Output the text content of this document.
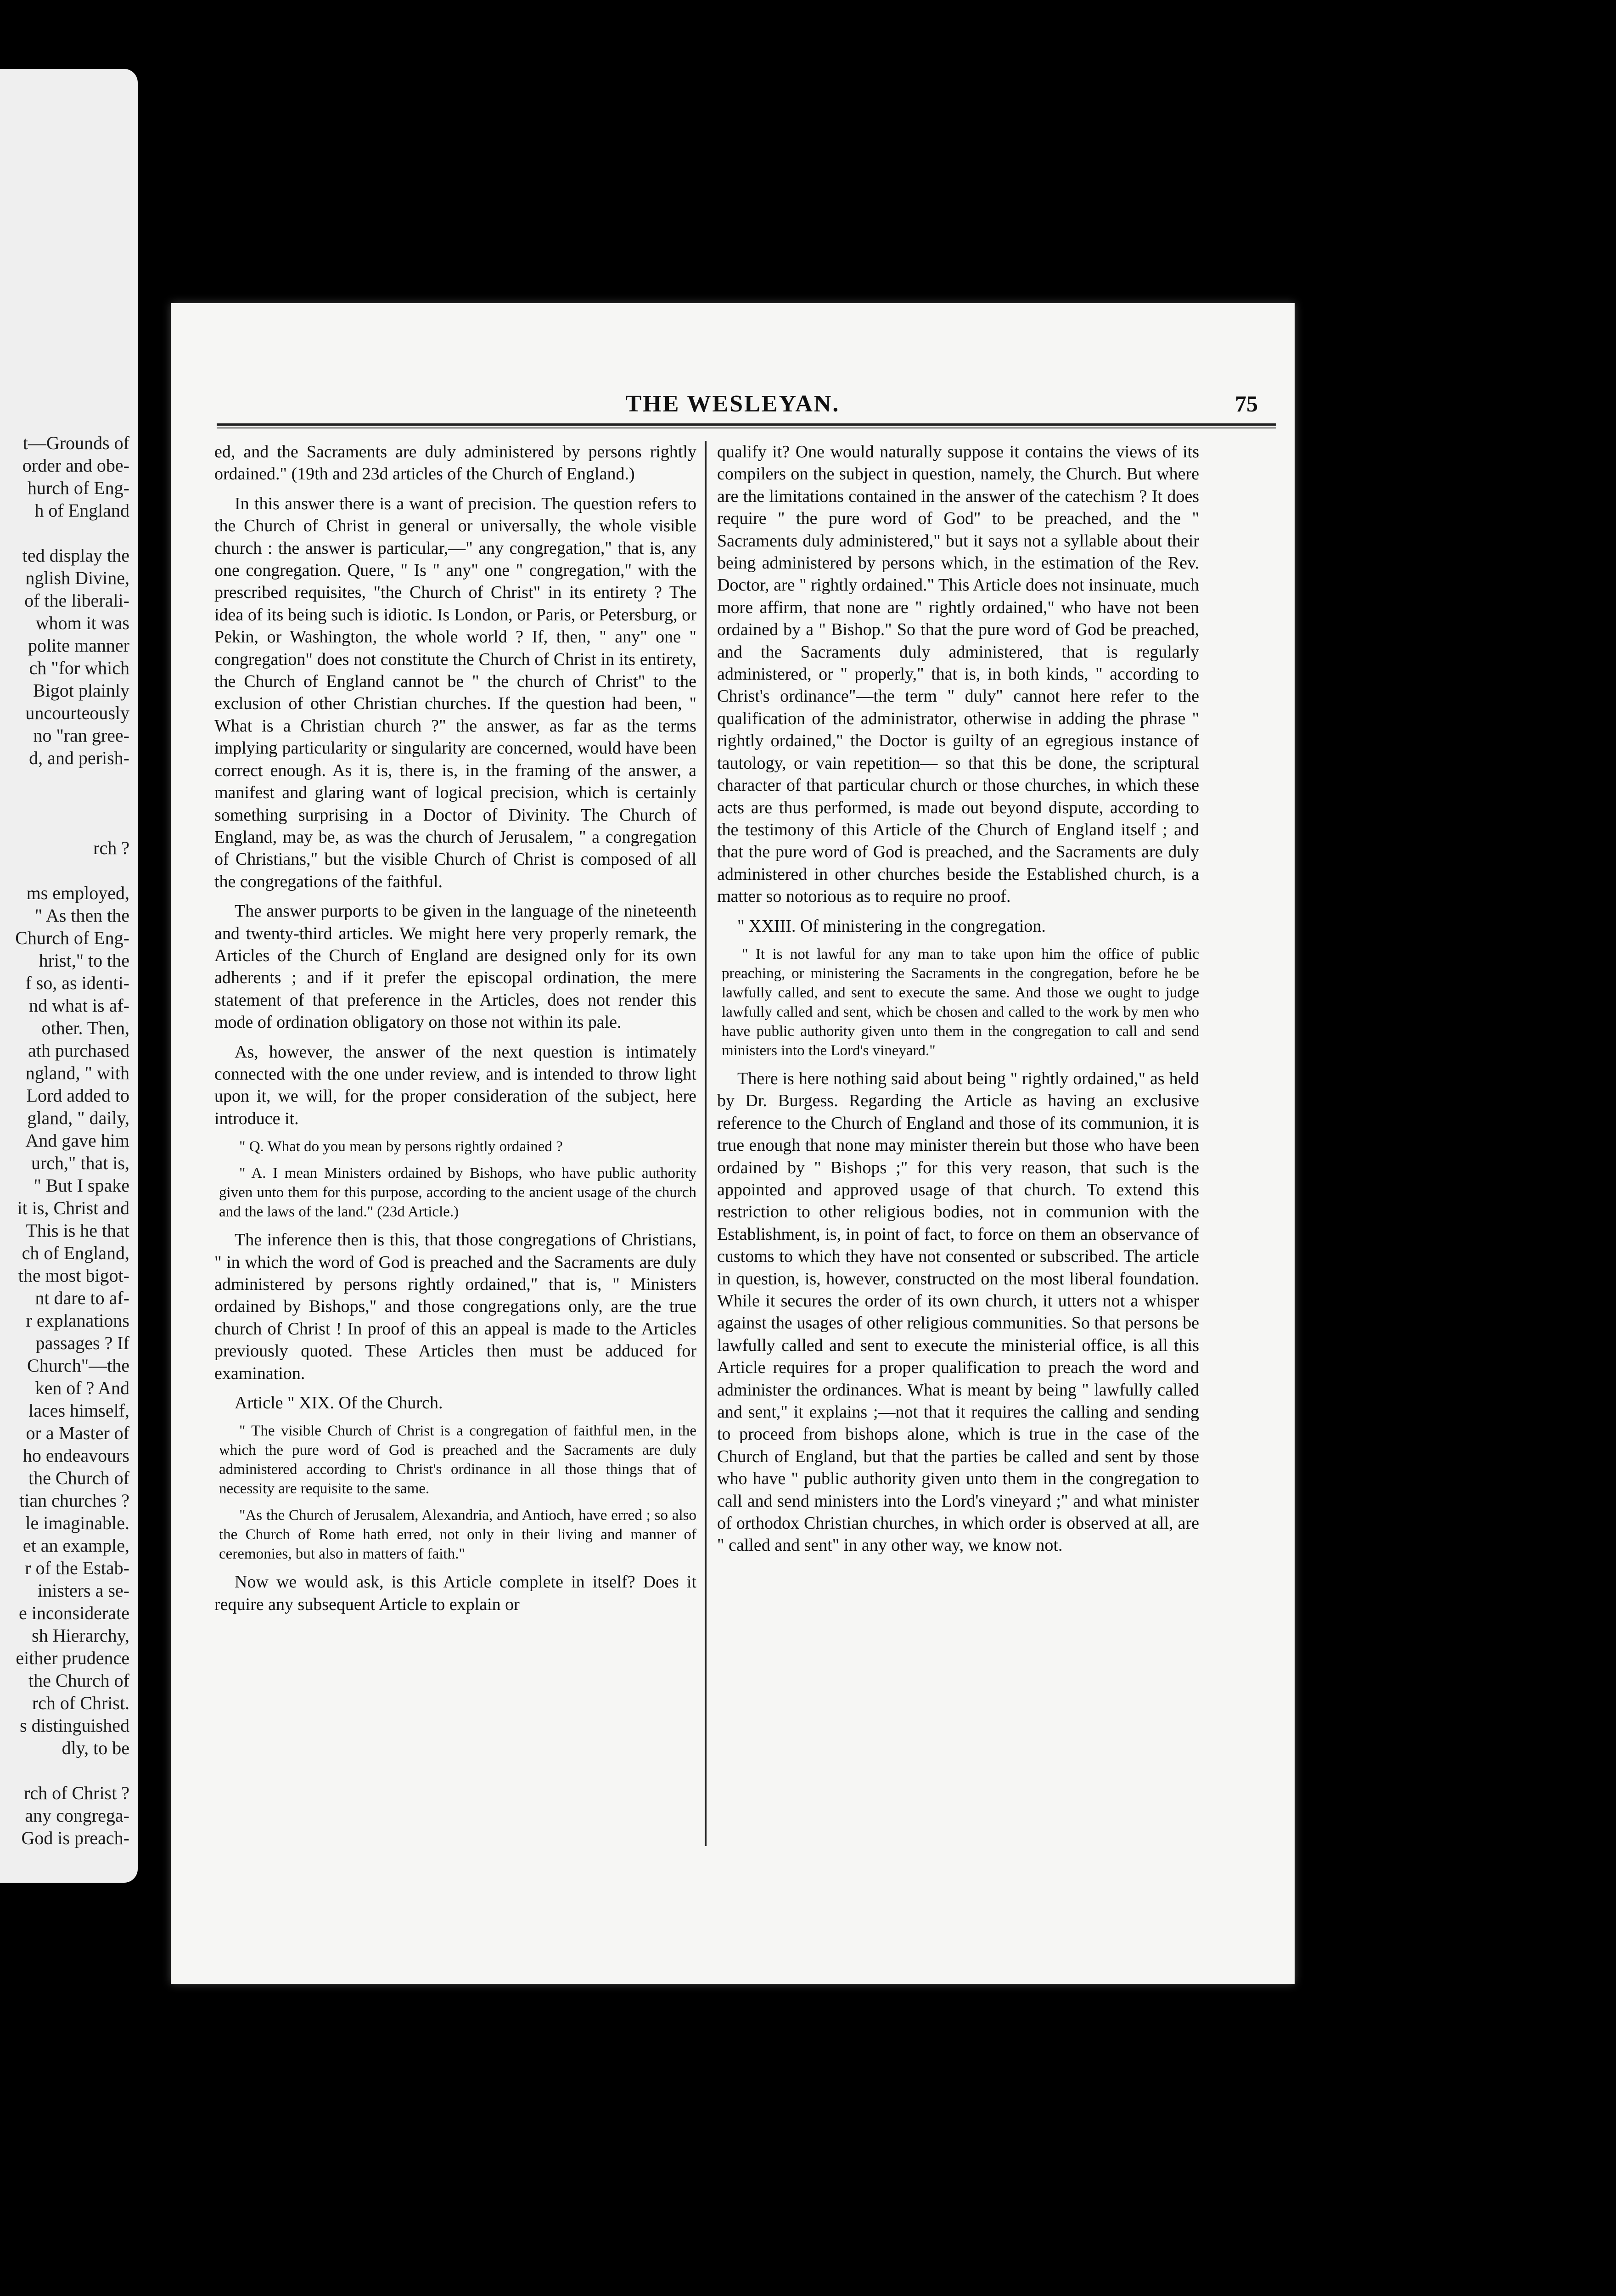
t—Grounds of
order and obe-
hurch of Eng-
h of England
ted display the
nglish Divine,
of the liberali-
whom it was
polite manner
ch "for which
Bigot plainly
uncourteously
no "ran gree-
d, and perish-
rch ?
ms employed,
" As then the
Church of Eng-
hrist," to the
f so, as identi-
nd what is af-
other. Then,
ath purchased
ngland, " with
Lord added to
gland, " daily,
And gave him
urch," that is,
" But I spake
it is, Christ and
This is he that
ch of England,
the most bigot-
nt dare to af-
r explanations
passages ? If
Church"—the
ken of ? And
laces himself,
or a Master of
ho endeavours
the Church of
tian churches ?
le imaginable.
et an example,
r of the Estab-
inisters a se-
e inconsiderate
sh Hierarchy,
either prudence
the Church of
rch of Christ.
s distinguished
dly, to be
rch of Christ ?
any congrega-
God is preach-
THE WESLEYAN.	75

ed, and the Sacraments are duly administered by persons rightly ordained." (19th and 23d articles of the Church of England.)

In this answer there is a want of precision. The question refers to the Church of Christ in general or universally, the whole visible church : the answer is particular,—" any congregation," that is, any one congregation. Quere, " Is " any" one " congregation," with the prescribed requisites, "the Church of Christ" in its entirety ? The idea of its being such is idiotic. Is London, or Paris, or Petersburg, or Pekin, or Washington, the whole world ? If, then, " any" one " congregation" does not constitute the Church of Christ in its entirety, the Church of England cannot be " the church of Christ" to the exclusion of other Christian churches. If the question had been, " What is a Christian church ?" the answer, as far as the terms implying particularity or singularity are concerned, would have been correct enough. As it is, there is, in the framing of the answer, a manifest and glaring want of logical precision, which is certainly something surprising in a Doctor of Divinity. The Church of England, may be, as was the church of Jerusalem, " a congregation of Christians," but the visible Church of Christ is composed of all the congregations of the faithful.

The answer purports to be given in the language of the nineteenth and twenty-third articles. We might here very properly remark, the Articles of the Church of England are designed only for its own adherents ; and if it prefer the episcopal ordination, the mere statement of that preference in the Articles, does not render this mode of ordination obligatory on those not within its pale.

As, however, the answer of the next question is intimately connected with the one under review, and is intended to throw light upon it, we will, for the proper consideration of the subject, here introduce it.

" Q. What do you mean by persons rightly ordained ?

" A. I mean Ministers ordained by Bishops, who have public authority given unto them for this purpose, according to the ancient usage of the church and the laws of the land." (23d Article.)

The inference then is this, that those congregations of Christians, " in which the word of God is preached and the Sacraments are duly administered by persons rightly ordained," that is, " Ministers ordained by Bishops," and those congregations only, are the true church of Christ ! In proof of this an appeal is made to the Articles previously quoted. These Articles then must be adduced for examination.

Article " XIX. Of the Church.

" The visible Church of Christ is a congregation of faithful men, in the which the pure word of God is preached and the Sacraments are duly administered according to Christ's ordinance in all those things that of necessity are requisite to the same.

"As the Church of Jerusalem, Alexandria, and Antioch, have erred ; so also the Church of Rome hath erred, not only in their living and manner of ceremonies, but also in matters of faith."

Now we would ask, is this Article complete in itself? Does it require any subsequent Article to explain or

qualify it? One would naturally suppose it contains the views of its compilers on the subject in question, namely, the Church. But where are the limitations contained in the answer of the catechism ? It does require " the pure word of God" to be preached, and the " Sacraments duly administered," but it says not a syllable about their being administered by persons which, in the estimation of the Rev. Doctor, are " rightly ordained." This Article does not insinuate, much more affirm, that none are " rightly ordained," who have not been ordained by a " Bishop." So that the pure word of God be preached, and the Sacraments duly administered, that is regularly administered, or " properly," that is, in both kinds, " according to Christ's ordinance"—the term " duly" cannot here refer to the qualification of the administrator, otherwise in adding the phrase " rightly ordained," the Doctor is guilty of an egregious instance of tautology, or vain repetition— so that this be done, the scriptural character of that particular church or those churches, in which these acts are thus performed, is made out beyond dispute, according to the testimony of this Article of the Church of England itself ; and that the pure word of God is preached, and the Sacraments are duly administered in other churches beside the Established church, is a matter so notorious as to require no proof.

" XXIII. Of ministering in the congregation.

" It is not lawful for any man to take upon him the office of public preaching, or ministering the Sacraments in the congregation, before he be lawfully called, and sent to execute the same. And those we ought to judge lawfully called and sent, which be chosen and called to the work by men who have public authority given unto them in the congregation to call and send ministers into the Lord's vineyard."

There is here nothing said about being " rightly ordained," as held by Dr. Burgess. Regarding the Article as having an exclusive reference to the Church of England and those of its communion, it is true enough that none may minister therein but those who have been ordained by " Bishops ;" for this very reason, that such is the appointed and approved usage of that church. To extend this restriction to other religious bodies, not in communion with the Establishment, is, in point of fact, to force on them an observance of customs to which they have not consented or subscribed. The article in question, is, however, constructed on the most liberal foundation. While it secures the order of its own church, it utters not a whisper against the usages of other religious communities. So that persons be lawfully called and sent to execute the ministerial office, is all this Article requires for a proper qualification to preach the word and administer the ordinances. What is meant by being " lawfully called and sent," it explains ;—not that it requires the calling and sending to proceed from bishops alone, which is true in the case of the Church of England, but that the parties be called and sent by those who have " public authority given unto them in the congregation to call and send ministers into the Lord's vineyard ;" and what minister of orthodox Christian churches, in which order is observed at all, are " called and sent" in any other way, we know not.
